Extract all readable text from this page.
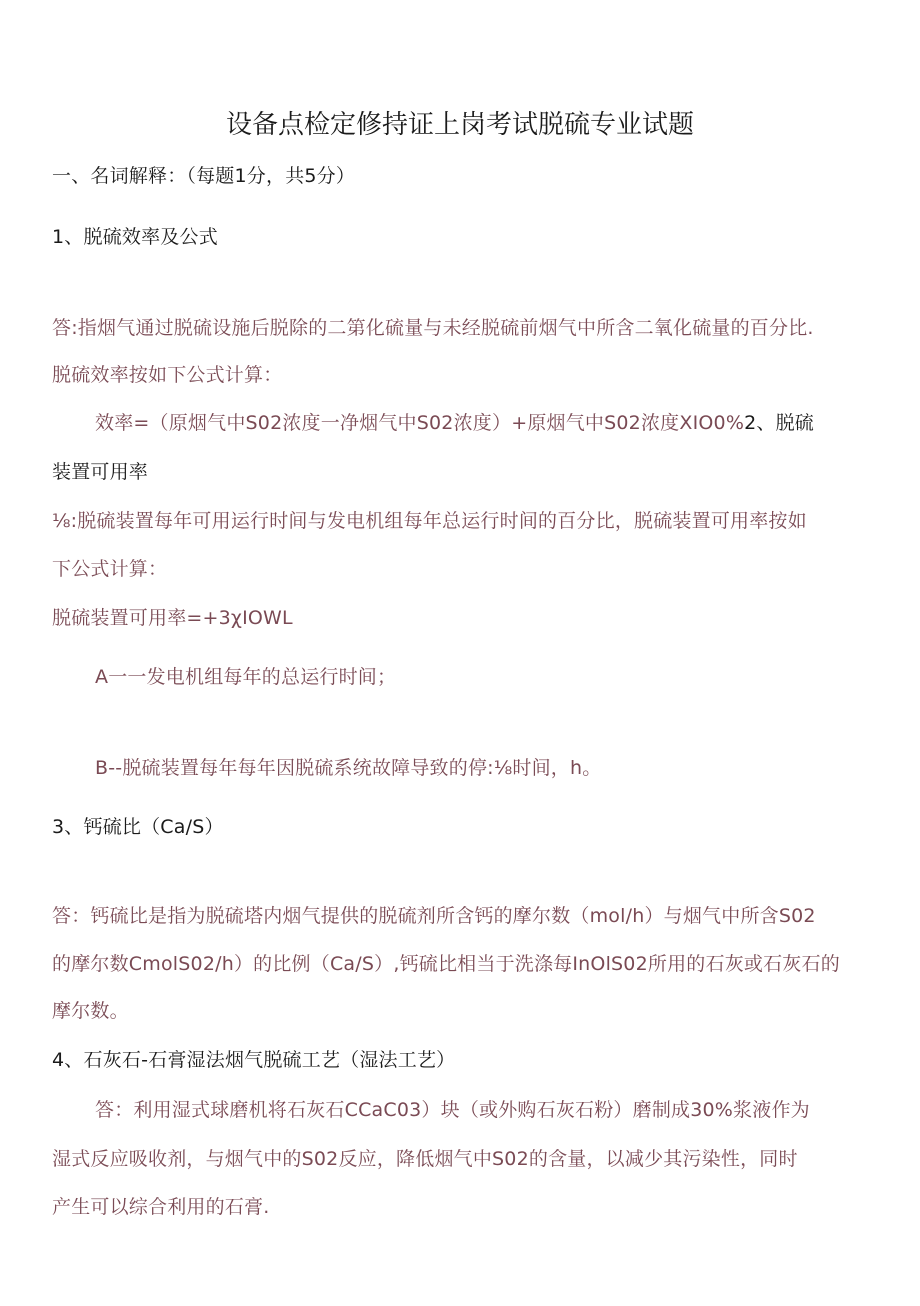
设备点检定修持证上岗考试脱硫专业试题
一、名词解释：（每题1分，共5分）
1、脱硫效率及公式
答:指烟气通过脱硫设施后脱除的二第化硫量与未经脱硫前烟气中所含二氧化硫量的百分比.
脱硫效率按如下公式计算：
效率=（原烟气中S02浓度一净烟气中S02浓度）+原烟气中S02浓度XIO0%2、脱硫
装置可用率
⅛:脱硫装置每年可用运行时间与发电机组每年总运行时间的百分比，脱硫装置可用率按如
下公式计算：
脱硫装置可用率=+3χIOWL
A一一发电机组每年的总运行时间；
B--脱硫装置每年每年因脱硫系统故障导致的停:⅛时间，h。
3、钙硫比（Ca/S）
答：钙硫比是指为脱硫塔内烟气提供的脱硫剂所含钙的摩尔数（mol/h）与烟气中所含S02
的摩尔数CmolS02∕h）的比例（Ca/S）,钙硫比相当于洗涤每InOlS02所用的石灰或石灰石的
摩尔数。
4、石灰石-石膏湿法烟气脱硫工艺（湿法工艺）
答：利用湿式球磨机将石灰石CCaC03）块（或外购石灰石粉）磨制成30%浆液作为
湿式反应吸收剂，与烟气中的S02反应，降低烟气中S02的含量，以减少其污染性，同时
产生可以综合利用的石膏.
